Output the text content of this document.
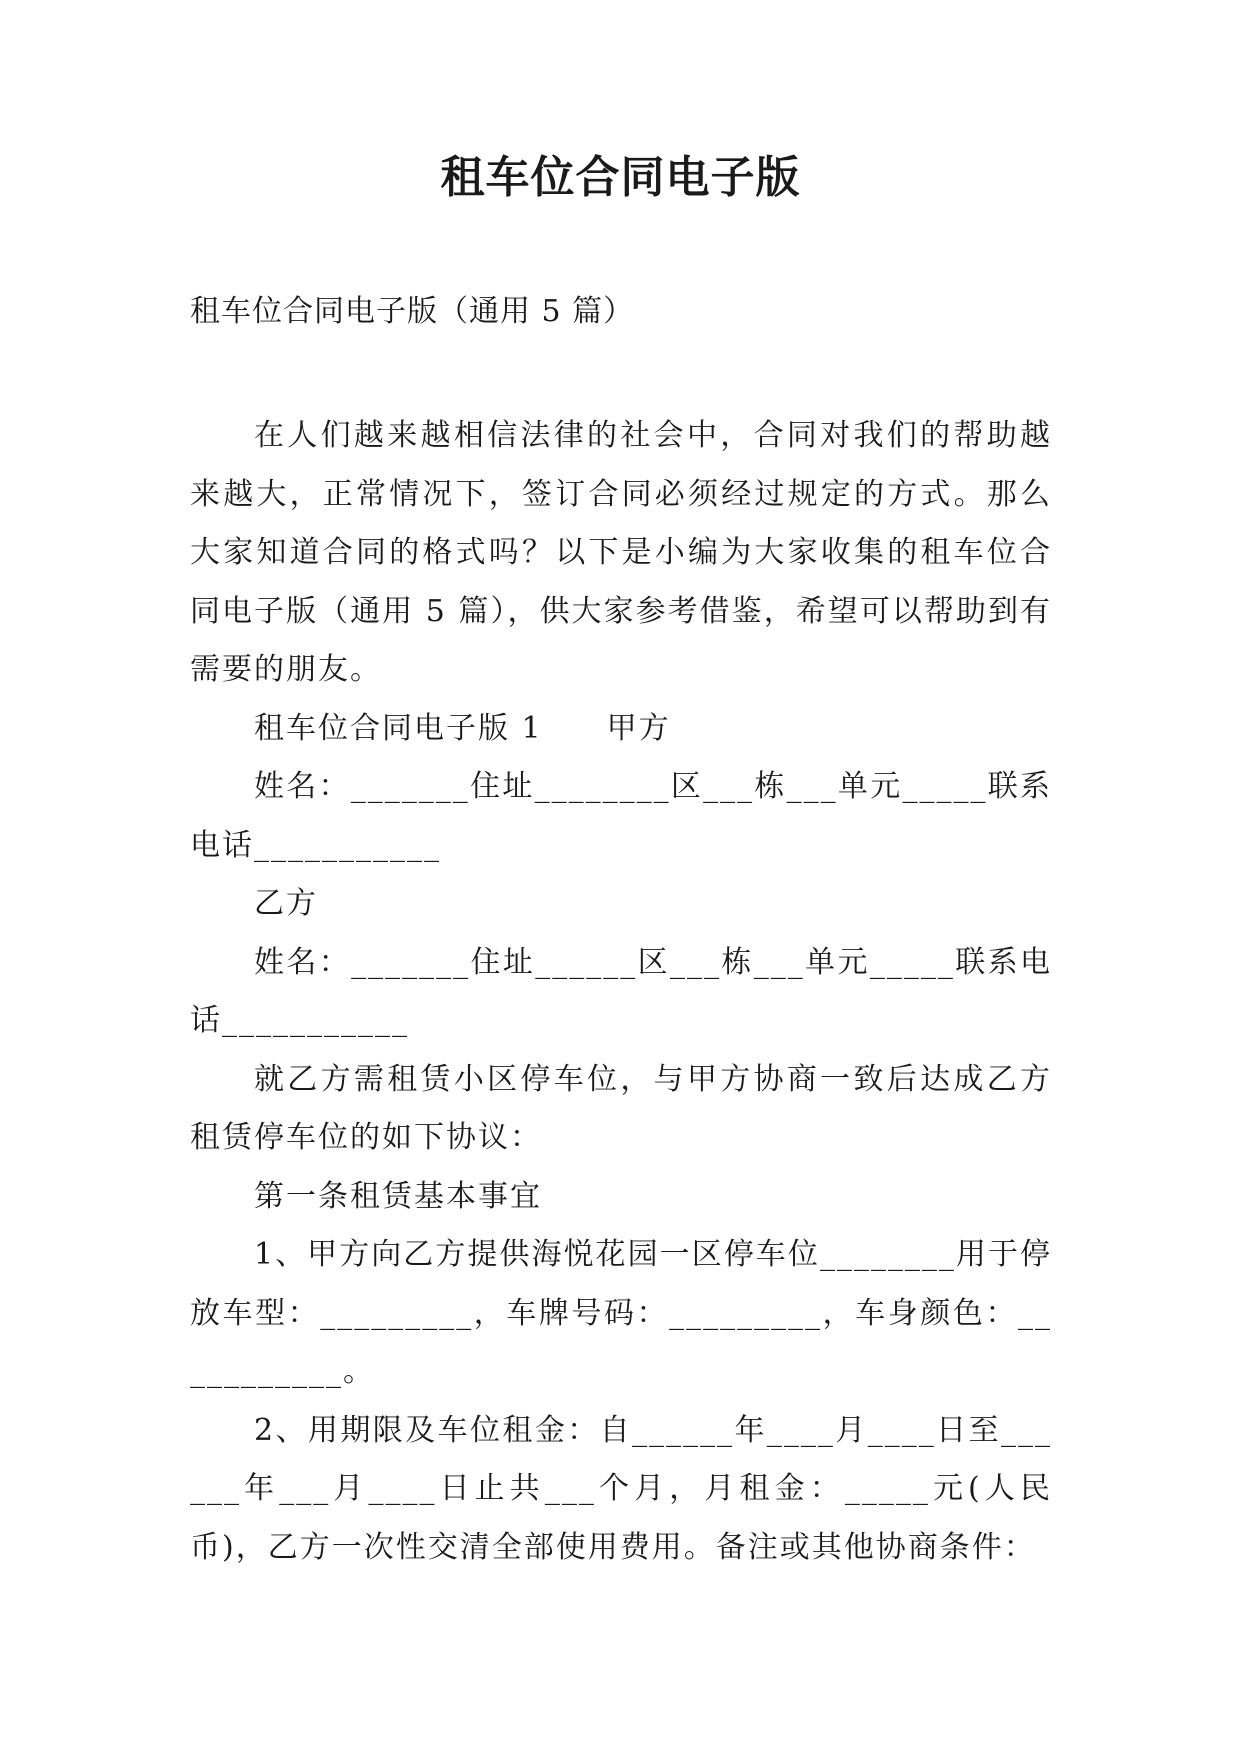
租车位合同电子版
租车位合同电子版（通用 5 篇）

在人们越来越相信法律的社会中，合同对我们的帮助越来越大，正常情况下，签订合同必须经过规定的方式。那么大家知道合同的格式吗？以下是小编为大家收集的租车位合同电子版（通用 5 篇），供大家参考借鉴，希望可以帮助到有需要的朋友。

租车位合同电子版 1　　甲方

姓名：_______住址________区___栋___单元_____联系电话___________

乙方

姓名：_______住址______区___栋___单元_____联系电话___________

就乙方需租赁小区停车位，与甲方协商一致后达成乙方租赁停车位的如下协议：

第一条租赁基本事宜

1、甲方向乙方提供海悦花园一区停车位________用于停放车型：_________，车牌号码：_________，车身颜色：___________。

2、用期限及车位租金：自______年____月____日至______年___月____日止共___个月，月租金：_____元(人民币)，乙方一次性交清全部使用费用。备注或其他协商条件：
